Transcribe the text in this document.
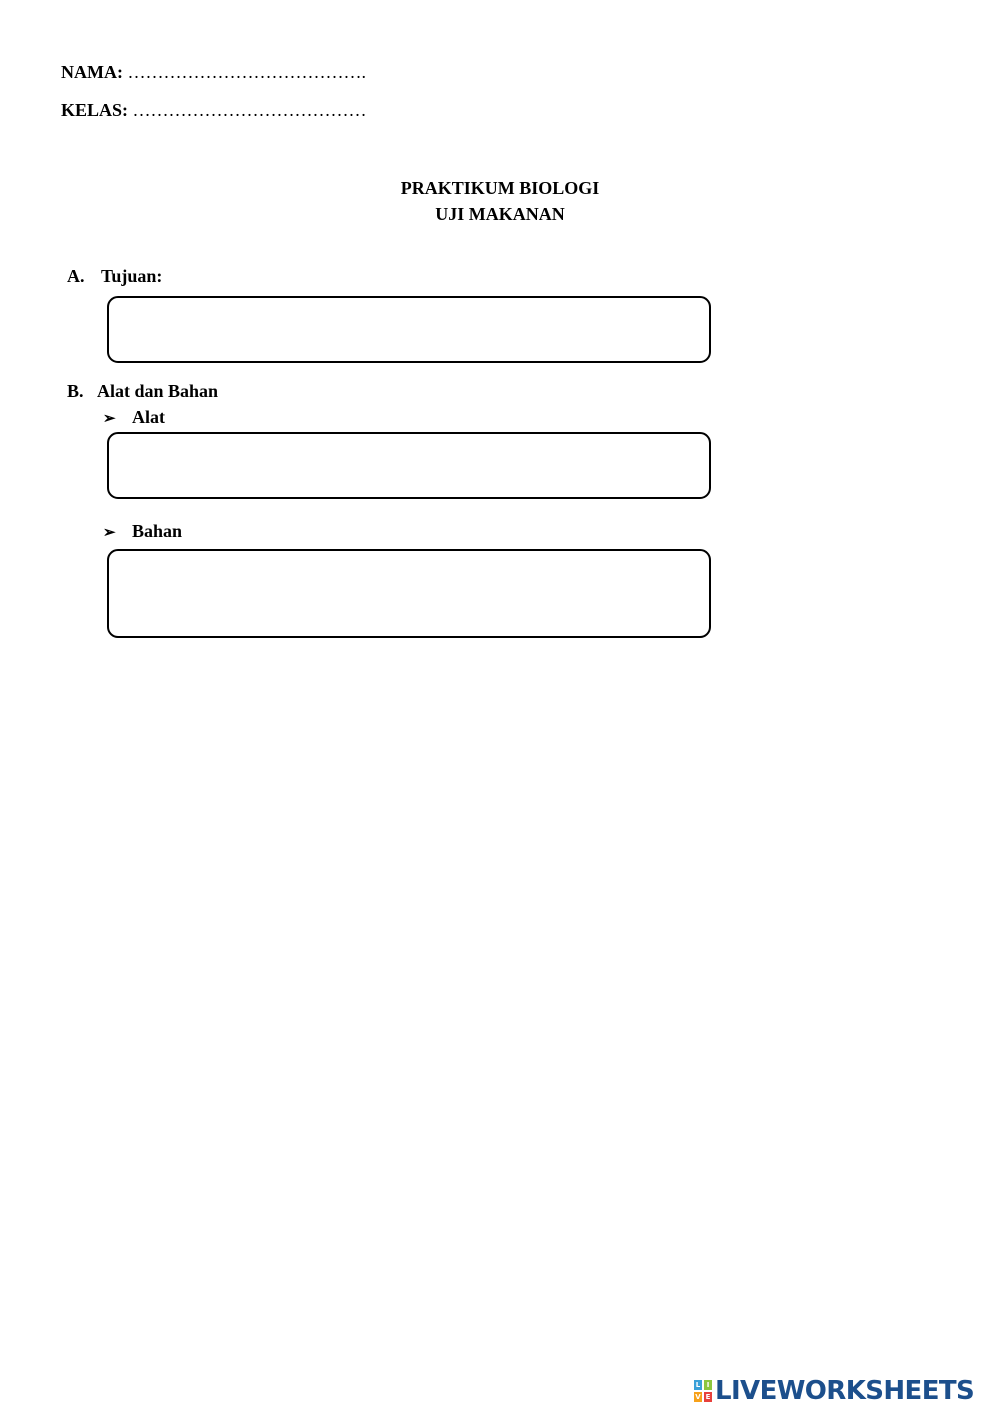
NAMA: ………………………………….
KELAS: …………………………………
PRAKTIKUM BIOLOGI
UJI MAKANAN
A. Tujuan:
B. Alat dan Bahan
➢ Alat
➢ Bahan
L I
V E LIVEWORKSHEETS
